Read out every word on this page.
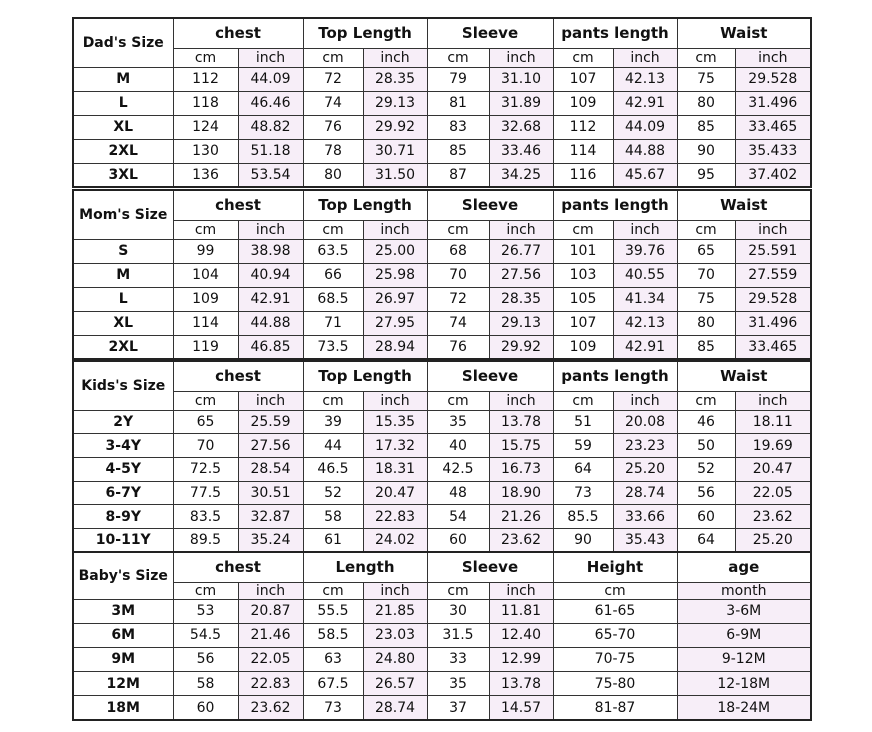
Dad's Size	chest		Top Length		Sleeve		pants length		Waist	
	cm	inch	cm	inch	cm	inch	cm	inch	cm	inch
M	112	44.09	72	28.35	79	31.10	107	42.13	75	29.528
L	118	46.46	74	29.13	81	31.89	109	42.91	80	31.496
XL	124	48.82	76	29.92	83	32.68	112	44.09	85	33.465
2XL	130	51.18	78	30.71	85	33.46	114	44.88	90	35.433
3XL	136	53.54	80	31.50	87	34.25	116	45.67	95	37.402
Mom's Size	chest		Top Length		Sleeve		pants length		Waist	
	cm	inch	cm	inch	cm	inch	cm	inch	cm	inch
S	99	38.98	63.5	25.00	68	26.77	101	39.76	65	25.591
M	104	40.94	66	25.98	70	27.56	103	40.55	70	27.559
L	109	42.91	68.5	26.97	72	28.35	105	41.34	75	29.528
XL	114	44.88	71	27.95	74	29.13	107	42.13	80	31.496
2XL	119	46.85	73.5	28.94	76	29.92	109	42.91	85	33.465
Kids's Size	chest		Top Length		Sleeve		pants length		Waist	
	cm	inch	cm	inch	cm	inch	cm	inch	cm	inch
2Y	65	25.59	39	15.35	35	13.78	51	20.08	46	18.11
3-4Y	70	27.56	44	17.32	40	15.75	59	23.23	50	19.69
4-5Y	72.5	28.54	46.5	18.31	42.5	16.73	64	25.20	52	20.47
6-7Y	77.5	30.51	52	20.47	48	18.90	73	28.74	56	22.05
8-9Y	83.5	32.87	58	22.83	54	21.26	85.5	33.66	60	23.62
10-11Y	89.5	35.24	61	24.02	60	23.62	90	35.43	64	25.20
Baby's Size	chest		Length		Sleeve		Height	age
	cm	inch	cm	inch	cm	inch	cm	month
3M	53	20.87	55.5	21.85	30	11.81	61-65	3-6M
6M	54.5	21.46	58.5	23.03	31.5	12.40	65-70	6-9M
9M	56	22.05	63	24.80	33	12.99	70-75	9-12M
12M	58	22.83	67.5	26.57	35	13.78	75-80	12-18M
18M	60	23.62	73	28.74	37	14.57	81-87	18-24M
